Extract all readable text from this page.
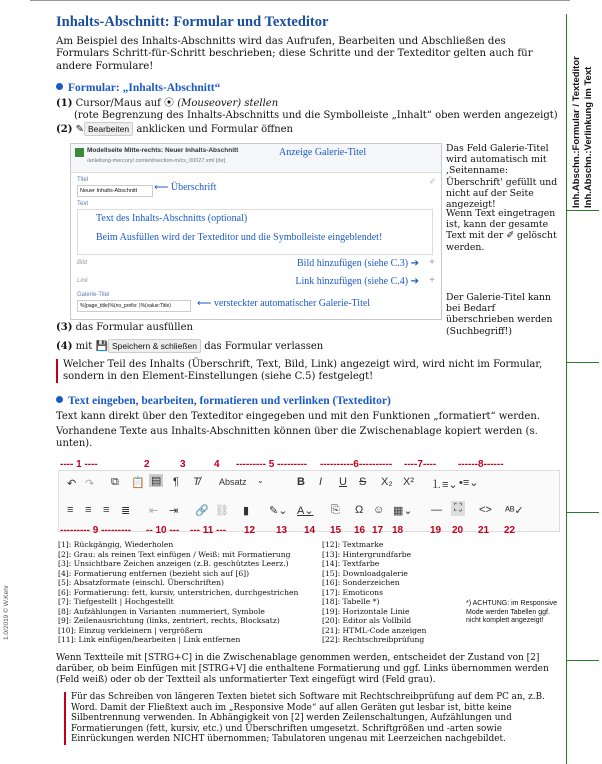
Inhalts-Abschnitt: Formular und Texteditor

Am Beispiel des Inhalts-Abschnitts wird das Aufrufen, Bearbeiten und Abschließen des Formulars Schritt-für-Schritt beschrieben; diese Schritte und der Texteditor gelten auch für andere Formulare!

Formular: „Inhalts-Abschnitt“

(1) Cursor/Maus auf ⦿ (Mouseover) stellen

(rote Begrenzung des Inhalts-Abschnitts und die Symbolleiste „Inhalt“ oben werden angezeigt)

(2) ✎ Bearbeiten anklicken und Formular öffnen

Modellseite Mitte-rechts: Neuer Inhalts-Abschnitt
/anleitung-mercury/.content/section-m/cs_00027.xml [de]
Anzeige Galerie-Titel
Titel
Neuer Inhalts-Abschnitt	⟵ Überschrift
✐
Text
Text des Inhalts-Abschnitts (optional)
Beim Ausfüllen wird der Texteditor und die Symbolleiste eingeblendet!
Bild	Bild hinzufügen (siehe C.3) ➔ +
Link	Link hinzufügen (siehe C.4) ➔ +
Galerie-Titel
%(page_title)%(no_prefix: )%(value:Title)	⟵ versteckter automatischer Galerie-Titel
Das Feld Galerie-Titel wird automatisch mit ‚Seitenname: Überschrift' gefüllt und nicht auf der Seite angezeigt!
Wenn Text eingetragen ist, kann der gesamte Text mit der ✐ gelöscht werden.
Der Galerie-Titel kann bei Bedarf überschrieben werden (Suchbegriff!)

(3) das Formular ausfüllen

(4) mit 💾 Speichern & schließen das Formular verlassen

Welcher Teil des Inhalts (Überschrift, Text, Bild, Link) angezeigt wird, wird nicht im Formular, sondern in den Element-Einstellungen (siehe C.5) festgelegt!

Text eingeben, bearbeiten, formatieren und verlinken (Texteditor)

Text kann direkt über den Texteditor eingegeben und mit den Funktionen „formatiert“ werden.

Vorhandene Texte aus Inhalts-Abschnitten können über die Zwischenablage kopiert werden (s. unten).

↶ ↷ ⧉ 📋 ▤ ¶ T̸ Absatz ⌄	B I U S X₂ X² ⒈≡⌄ •≡⌄
≡ ≡ ≡ ≣ ⇤ ⇥ 🔗 ⛓ ▮ ✎⌄ A⌄ ⎘ Ω ☺ ▦⌄ — ⛶ <> ᴬᴮ✓
---- 1 ----	2	3	4 --------- 5 --------- ----------6---------- ----7---- ------8------
--------- 9 --------- -- 10 --- --- 11 --- 12 13 14 15 16 17 18	19 20 21 22
[1]: Rückgängig, Wiederholen
[2]: Grau: als reinen Text einfügen / Weiß: mit Formatierung
[3]: Unsichtbare Zeichen anzeigen (z.B. geschütztes Leerz.)
[4]: Formatierung entfernen (bezieht sich auf [6])
[5]: Absatzformate (einschl. Überschriften)
[6]: Formatierung: fett, kursiv, unterstrichen, durchgestrichen
[7]: Tiefgestellt | Hochgestellt
[8]: Aufzählungen in Varianten :nummeriert, Symbole
[9]: Zeilenausrichtung (links, zentriert, rechts, Blocksatz)
[10]: Einzug verkleinern | vergrößern
[11]: Link einfügen/bearbeiten | Link entfernen
[12]: Textmarke
[13]: Hintergrundfarbe
[14]: Textfarbe
[15]: Downloadgalerie
[16]: Sonderzeichen
[17]: Emoticons
[18]: Tabelle *)
[19]: Horizontale Linie
[20]: Editor als Vollbild
[21]: HTML-Code anzeigen
[22]: Rechtschreibprüfung
*) ACHTUNG: im Responsive Mode werden Tabellen ggf. nicht komplett angezeigt!

Wenn Textteile mit [STRG+C] in die Zwischenablage genommen werden, entscheidet der Zustand von [2] darüber, ob beim Einfügen mit [STRG+V] die enthaltene Formatierung und ggf. Links übernommen werden (Feld weiß) oder ob der Textteil als unformatierter Text eingefügt wird (Feld grau).

Für das Schreiben von längeren Texten bietet sich Software mit Rechtschreibprüfung auf dem PC an, z.B. Word. Damit der Fließtext auch im „Responsive Mode“ auf allen Geräten gut lesbar ist, bitte keine Silbentrennung verwenden. In Abhängigkeit von [2] werden Zeilenschaltungen, Aufzählungen und Formatierungen (fett, kursiv, etc.) und Überschriften umgesetzt. Schriftgrößen und -arten sowie Einrückungen werden NICHT übernommen; Tabulatoren ungenau mit Leerzeichen nachgebildet.

Inh.Abschn.:Formular / Texteditor Inh.Abschn.:Verlinkung im Text
1.0/2019 © W.Kehr
